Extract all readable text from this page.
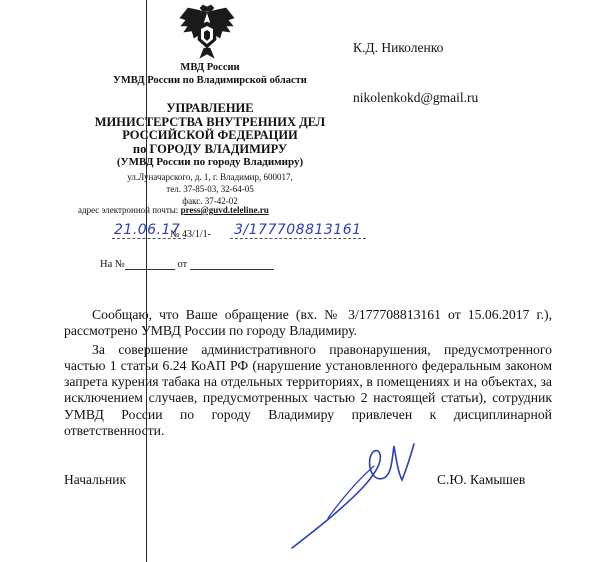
МВД России
УМВД России по Владимирской области
УПРАВЛЕНИЕ
МИНИСТЕРСТВА ВНУТРЕННИХ ДЕЛ
РОССИЙСКОЙ ФЕДЕРАЦИИ
по ГОРОДУ ВЛАДИМИРУ
(УМВД России по городу Владимиру)
ул.Луначарского, д. 1, г. Владимир, 600017,
тел. 37-85-03, 32-64-05
факс. 37-42-02
адрес электронной почты: press@guvd.teleline.ru
21.06.17
№ 43/1/1- 3/177708813161
На №	от
К.Д. Николенко
nikolenkokd@gmail.ru

Сообщаю, что Ваше обращение (вх. № 3/177708813161 от 15.06.2017 г.), рассмотрено УМВД России по городу Владимиру.

За совершение административного правонарушения, предусмотренного частью 1 статьи 6.24 КоАП РФ (нарушение установленного федеральным законом запрета курения табака на отдельных территориях, в помещениях и на объектах, за исключением случаев, предусмотренных частью 2 настоящей статьи), сотрудник УМВД России по городу Владимиру привлечен к дисциплинарной ответственности.

Начальник	С.Ю. Камышев
